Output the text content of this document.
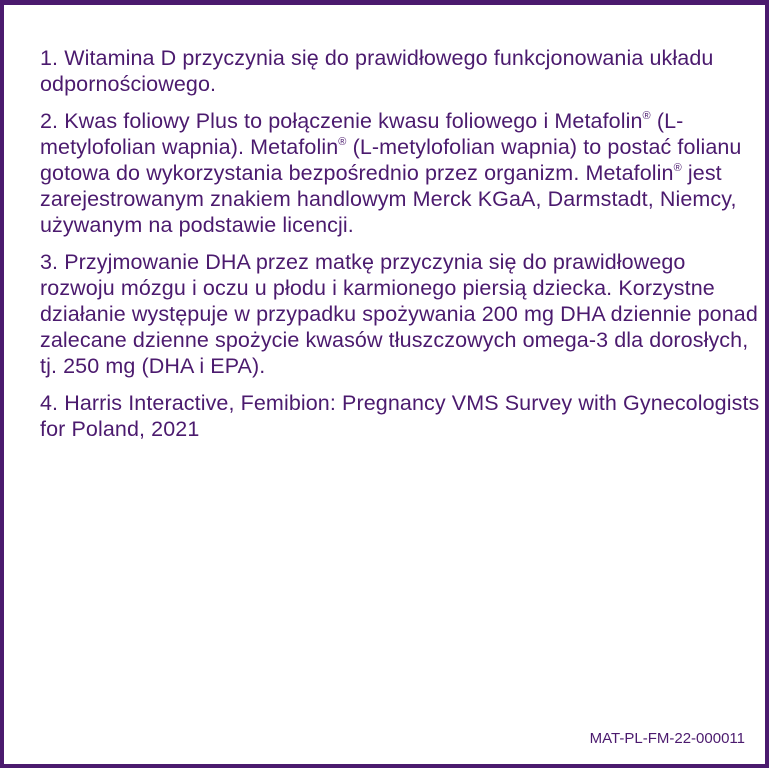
1. Witamina D przyczynia się do prawidłowego funkcjonowania układu odpornościowego.
2. Kwas foliowy Plus to połączenie kwasu foliowego i Metafolin® (L-metylofolian wapnia). Metafolin® (L-metylofolian wapnia) to postać folianu gotowa do wykorzystania bezpośrednio przez organizm. Metafolin® jest zarejestrowanym znakiem handlowym Merck KGaA, Darmstadt, Niemcy, używanym na podstawie licencji.
3. Przyjmowanie DHA przez matkę przyczynia się do prawidłowego rozwoju mózgu i oczu u płodu i karmionego piersią dziecka. Korzystne działanie występuje w przypadku spożywania 200 mg DHA dziennie ponad zalecane dzienne spożycie kwasów tłuszczowych omega-3 dla dorosłych, tj. 250 mg (DHA i EPA).
4. Harris Interactive, Femibion: Pregnancy VMS Survey with Gynecologists for Poland, 2021
MAT-PL-FM-22-000011
